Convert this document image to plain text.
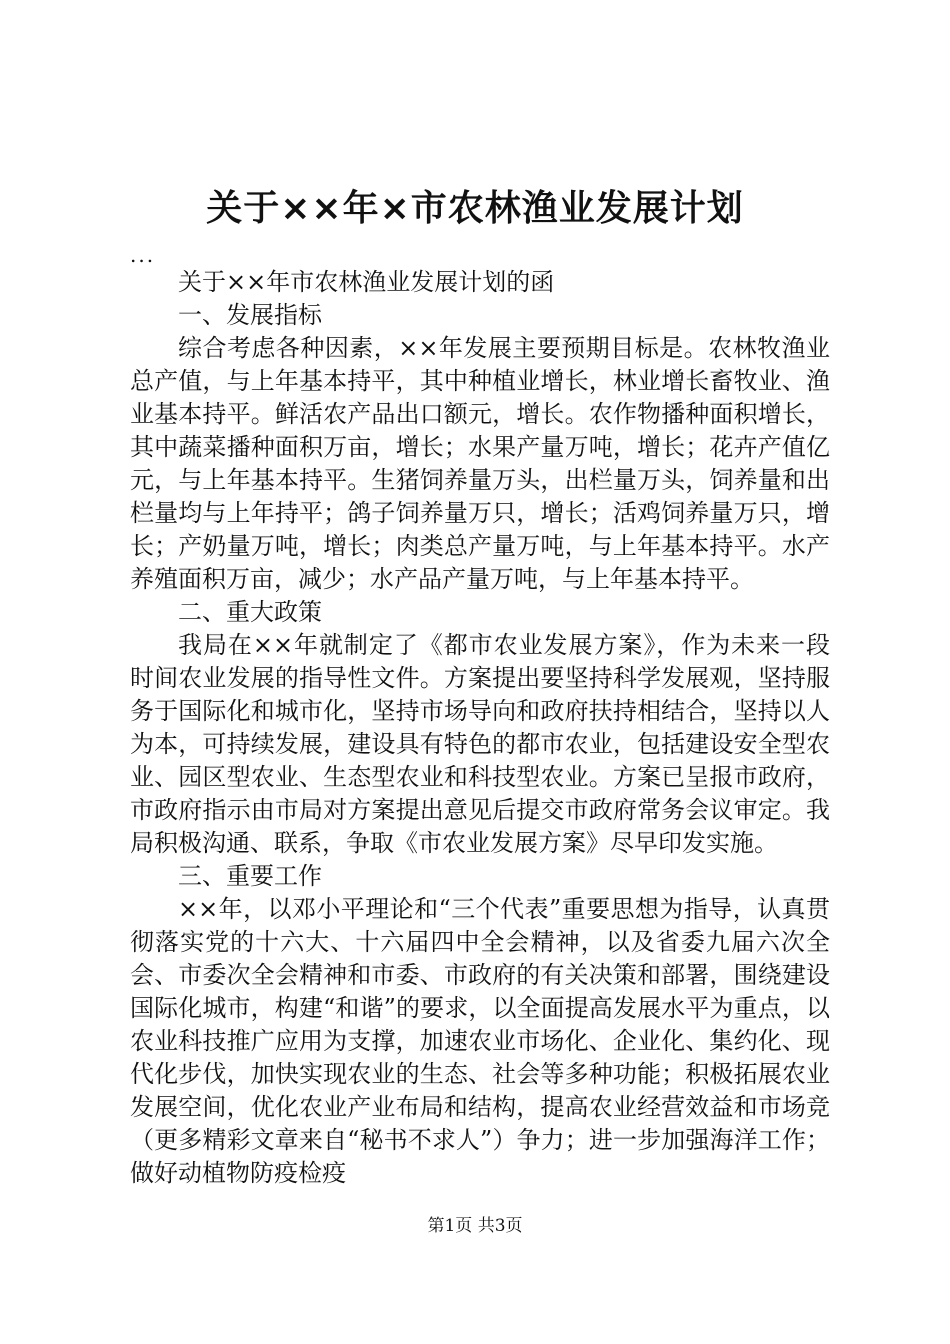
关于××年×市农林渔业发展计划

...

关于××年市农林渔业发展计划的函

一、发展指标

综合考虑各种因素，××年发展主要预期目标是。农林牧渔业总产值，与上年基本持平，其中种植业增长，林业增长畜牧业、渔业基本持平。鲜活农产品出口额元，增长。农作物播种面积增长，其中蔬菜播种面积万亩，增长；水果产量万吨，增长；花卉产值亿元，与上年基本持平。生猪饲养量万头，出栏量万头，饲养量和出栏量均与上年持平；鸽子饲养量万只，增长；活鸡饲养量万只，增长；产奶量万吨，增长；肉类总产量万吨，与上年基本持平。水产养殖面积万亩，减少；水产品产量万吨，与上年基本持平。

二、重大政策

我局在××年就制定了《都市农业发展方案》，作为未来一段时间农业发展的指导性文件。方案提出要坚持科学发展观，坚持服务于国际化和城市化，坚持市场导向和政府扶持相结合，坚持以人为本，可持续发展，建设具有特色的都市农业，包括建设安全型农业、园区型农业、生态型农业和科技型农业。方案已呈报市政府，市政府指示由市局对方案提出意见后提交市政府常务会议审定。我局积极沟通、联系，争取《市农业发展方案》尽早印发实施。

三、重要工作

××年，以邓小平理论和“三个代表”重要思想为指导，认真贯彻落实党的十六大、十六届四中全会精神，以及省委九届六次全会、市委次全会精神和市委、市政府的有关决策和部署，围绕建设国际化城市，构建“和谐”的要求，以全面提高发展水平为重点，以农业科技推广应用为支撑，加速农业市场化、企业化、集约化、现代化步伐，加快实现农业的生态、社会等多种功能；积极拓展农业发展空间，优化农业产业布局和结构，提高农业经营效益和市场竞（更多精彩文章来自“秘书不求人”）争力；进一步加强海洋工作；做好动植物防疫检疫

第1页 共3页
